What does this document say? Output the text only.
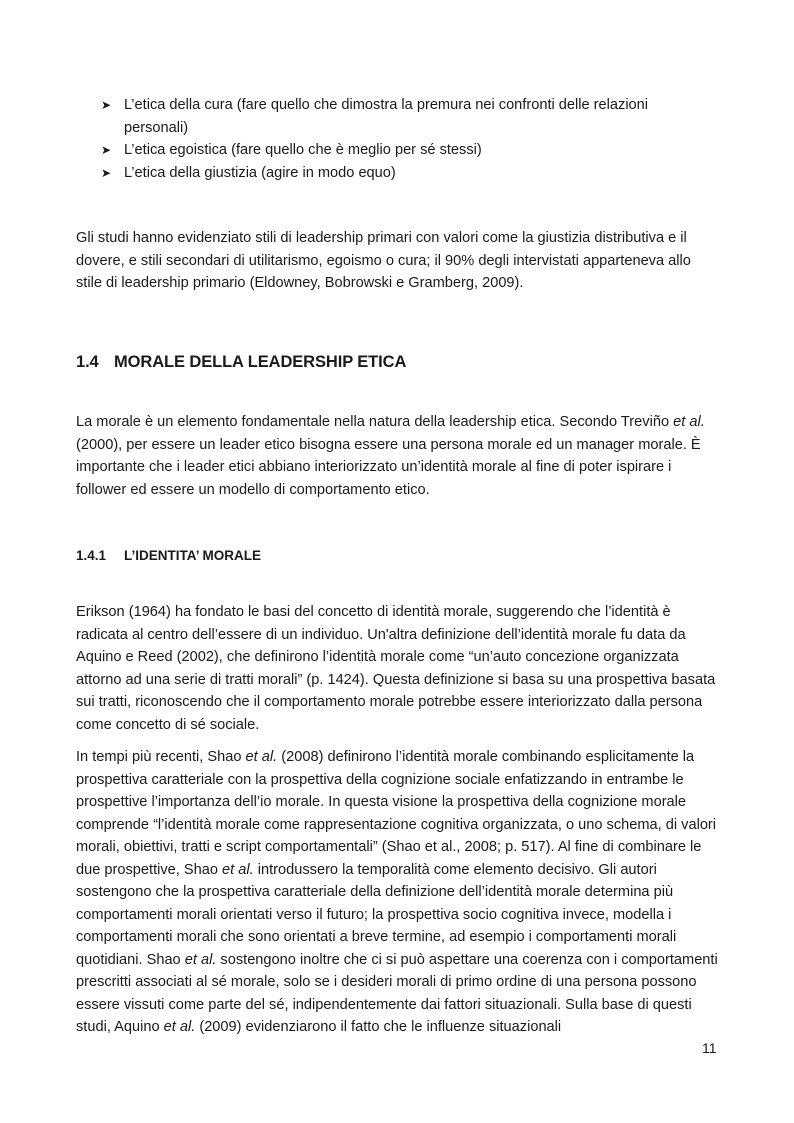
➤ L’etica della cura (fare quello che dimostra la premura nei confronti delle relazioni personali)
➤ L’etica egoistica (fare quello che è meglio per sé stessi)
➤ L’etica della giustizia (agire in modo equo)

Gli studi hanno evidenziato stili di leadership primari con valori come la giustizia distributiva e il dovere, e stili secondari di utilitarismo, egoismo o cura; il 90% degli intervistati apparteneva allo stile di leadership primario (Eldowney, Bobrowski e Gramberg, 2009).

1.4 MORALE DELLA LEADERSHIP ETICA

La morale è un elemento fondamentale nella natura della leadership etica. Secondo Treviño et al. (2000), per essere un leader etico bisogna essere una persona morale ed un manager morale. È importante che i leader etici abbiano interiorizzato un’identità morale al fine di poter ispirare i follower ed essere un modello di comportamento etico.

1.4.1 L’IDENTITA’ MORALE

Erikson (1964) ha fondato le basi del concetto di identità morale, suggerendo che l’identità è radicata al centro dell’essere di un individuo. Un'altra definizione dell’identità morale fu data da Aquino e Reed (2002), che definirono l’identità morale come “un’auto concezione organizzata attorno ad una serie di tratti morali” (p. 1424). Questa definizione si basa su una prospettiva basata sui tratti, riconoscendo che il comportamento morale potrebbe essere interiorizzato dalla persona come concetto di sé sociale.

In tempi più recenti, Shao et al. (2008) definirono l’identità morale combinando esplicitamente la prospettiva caratteriale con la prospettiva della cognizione sociale enfatizzando in entrambe le prospettive l’importanza dell’io morale. In questa visione la prospettiva della cognizione morale comprende “l’identità morale come rappresentazione cognitiva organizzata, o uno schema, di valori morali, obiettivi, tratti e script comportamentali” (Shao et al., 2008; p. 517). Al fine di combinare le due prospettive, Shao et al. introdussero la temporalità come elemento decisivo. Gli autori sostengono che la prospettiva caratteriale della definizione dell’identità morale determina più comportamenti morali orientati verso il futuro; la prospettiva socio cognitiva invece, modella i comportamenti morali che sono orientati a breve termine, ad esempio i comportamenti morali quotidiani. Shao et al. sostengono inoltre che ci si può aspettare una coerenza con i comportamenti prescritti associati al sé morale, solo se i desideri morali di primo ordine di una persona possono essere vissuti come parte del sé, indipendentemente dai fattori situazionali. Sulla base di questi studi, Aquino et al. (2009) evidenziarono il fatto che le influenze situazionali

11
